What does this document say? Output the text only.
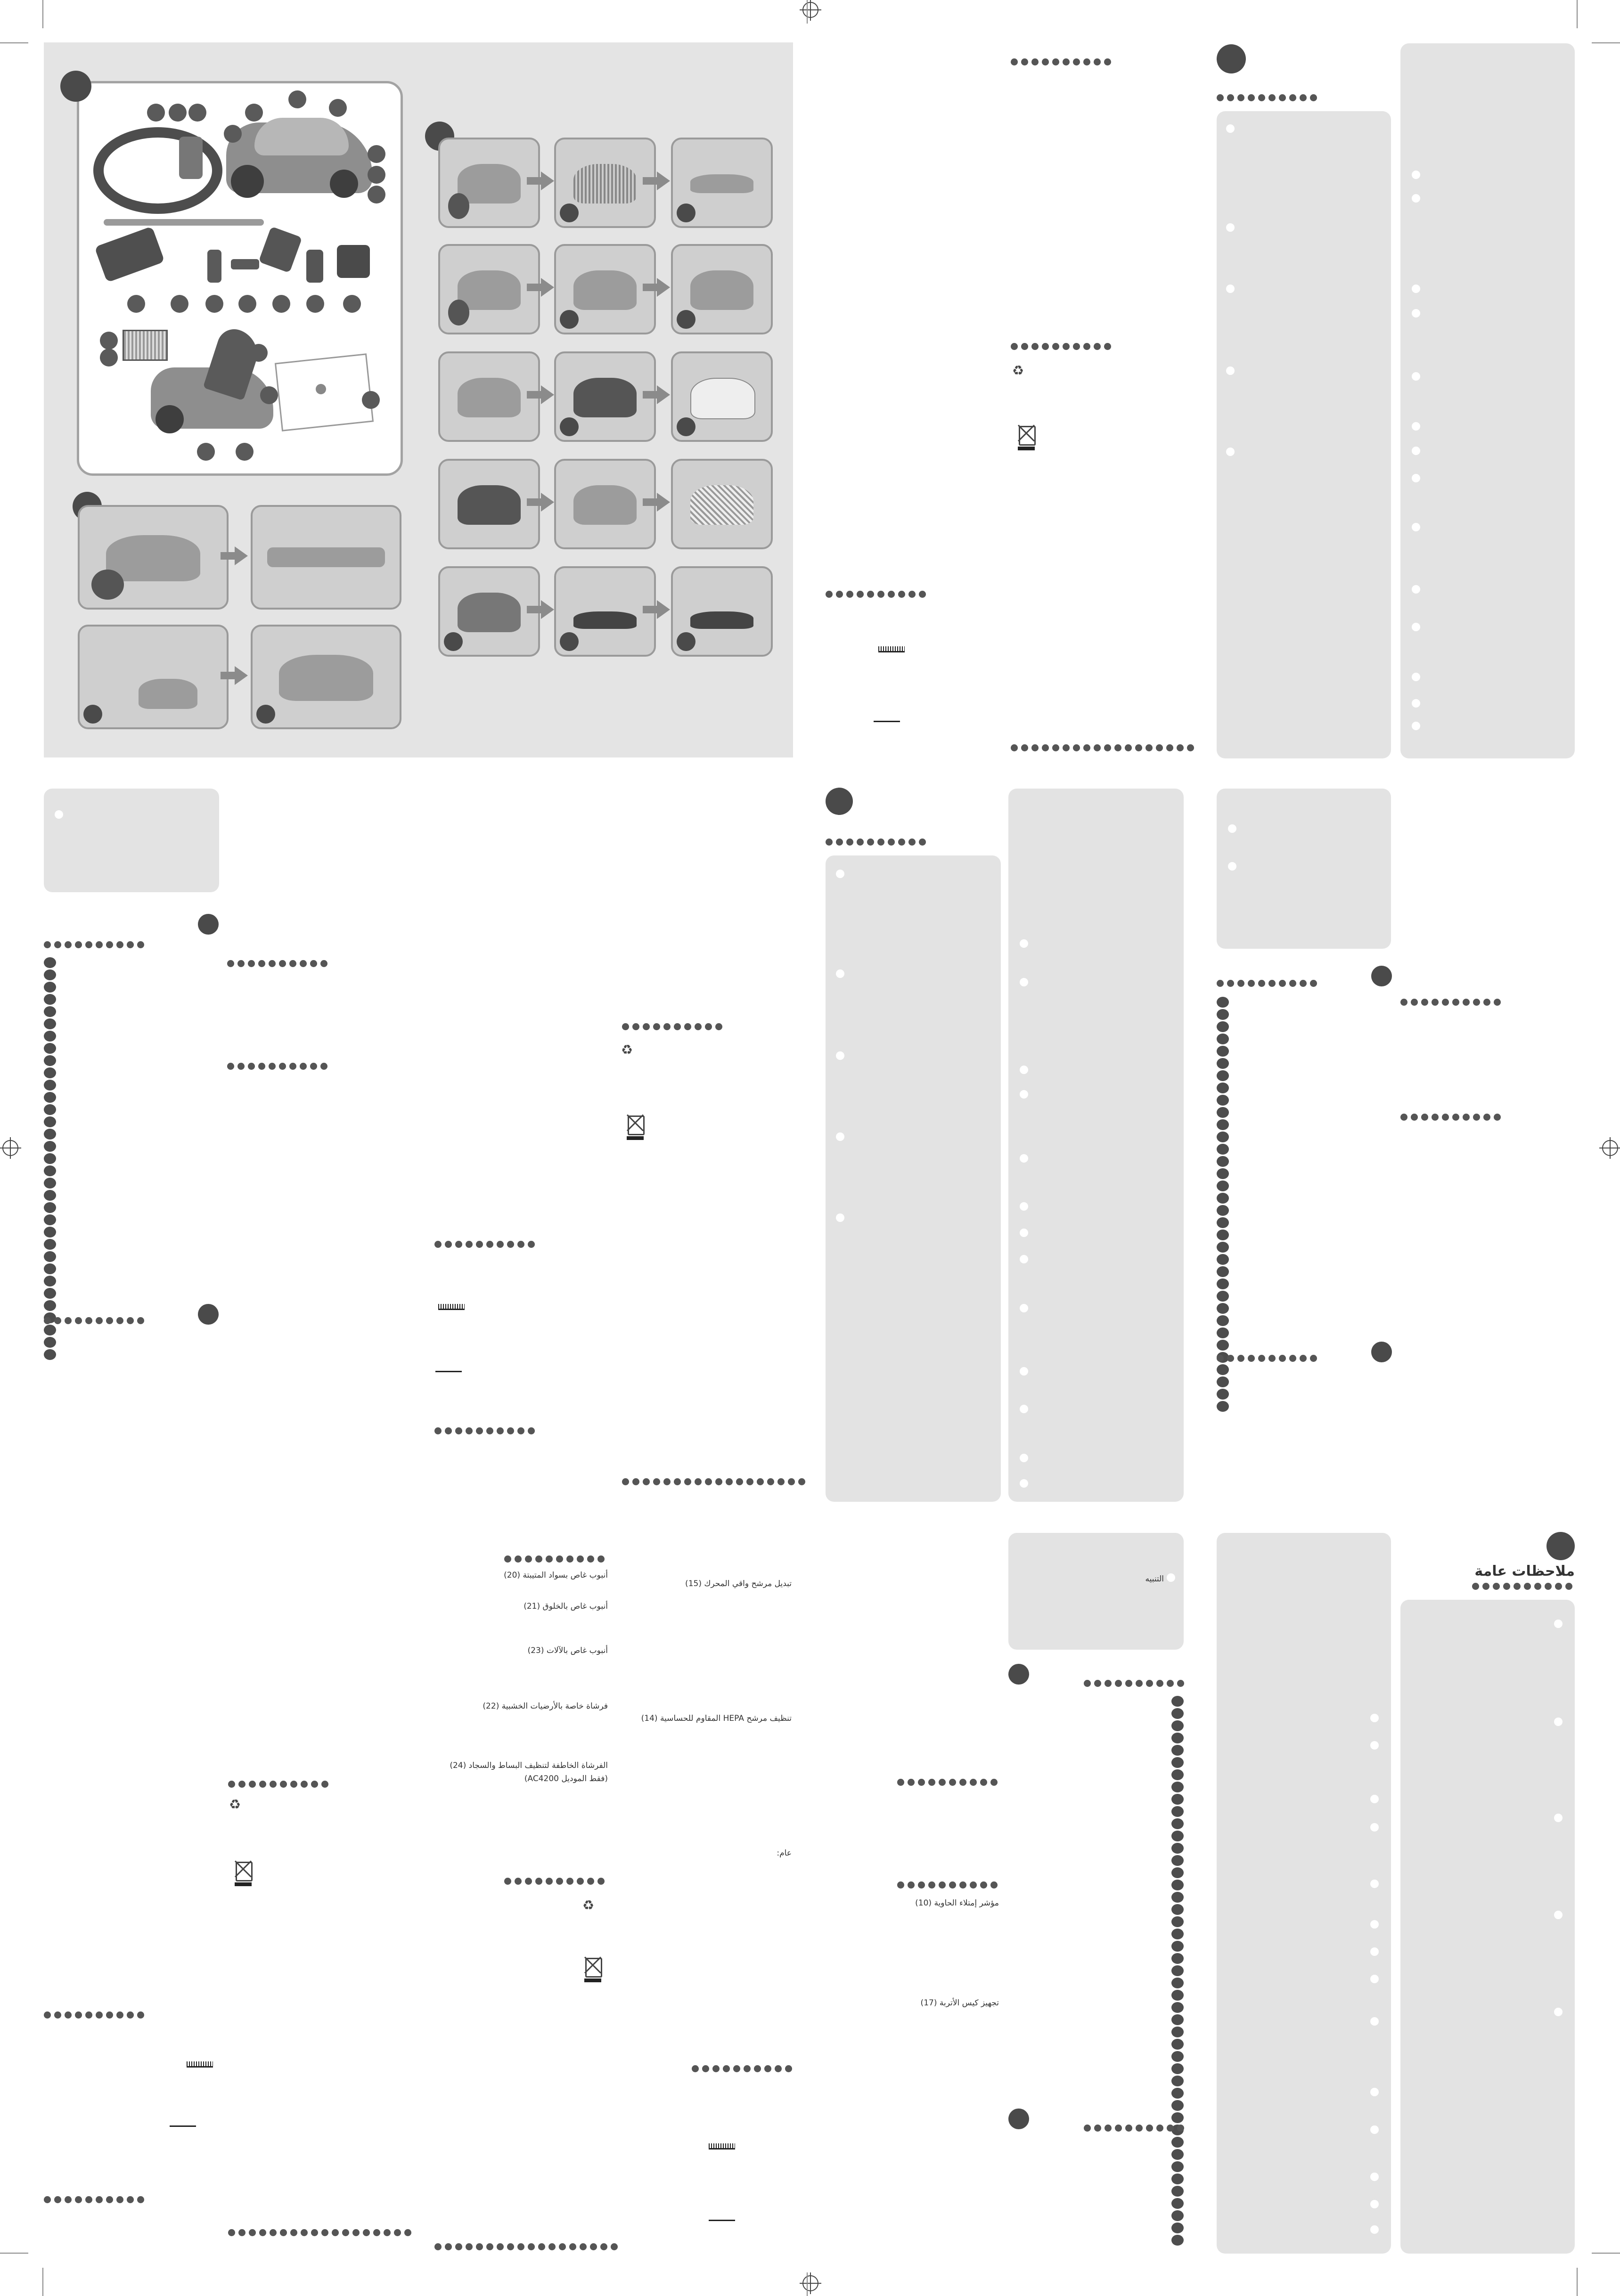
♻
♻
أنبوب غاص بسواد المتيبتة (20)
أنبوب غاص بالخلوق (21)
أنبوب غاص بالآلات (23)
فرشاة خاصة بالأرضيات الخشبية (22)
الفرشاة الخاطفة لتنظيف البساط والسجاد (24)
(فقط الموديل AC4200)
تبديل مرشح واقي المحرك (15)
تنظيف مرشح HEPA المقاوم للحساسية (14)
عام:
♻
♻	مؤشر إمتلاء الحاوية (10)
تجهيز كيس الأتربة (17)
التنبيه	ملاحظات عامة
